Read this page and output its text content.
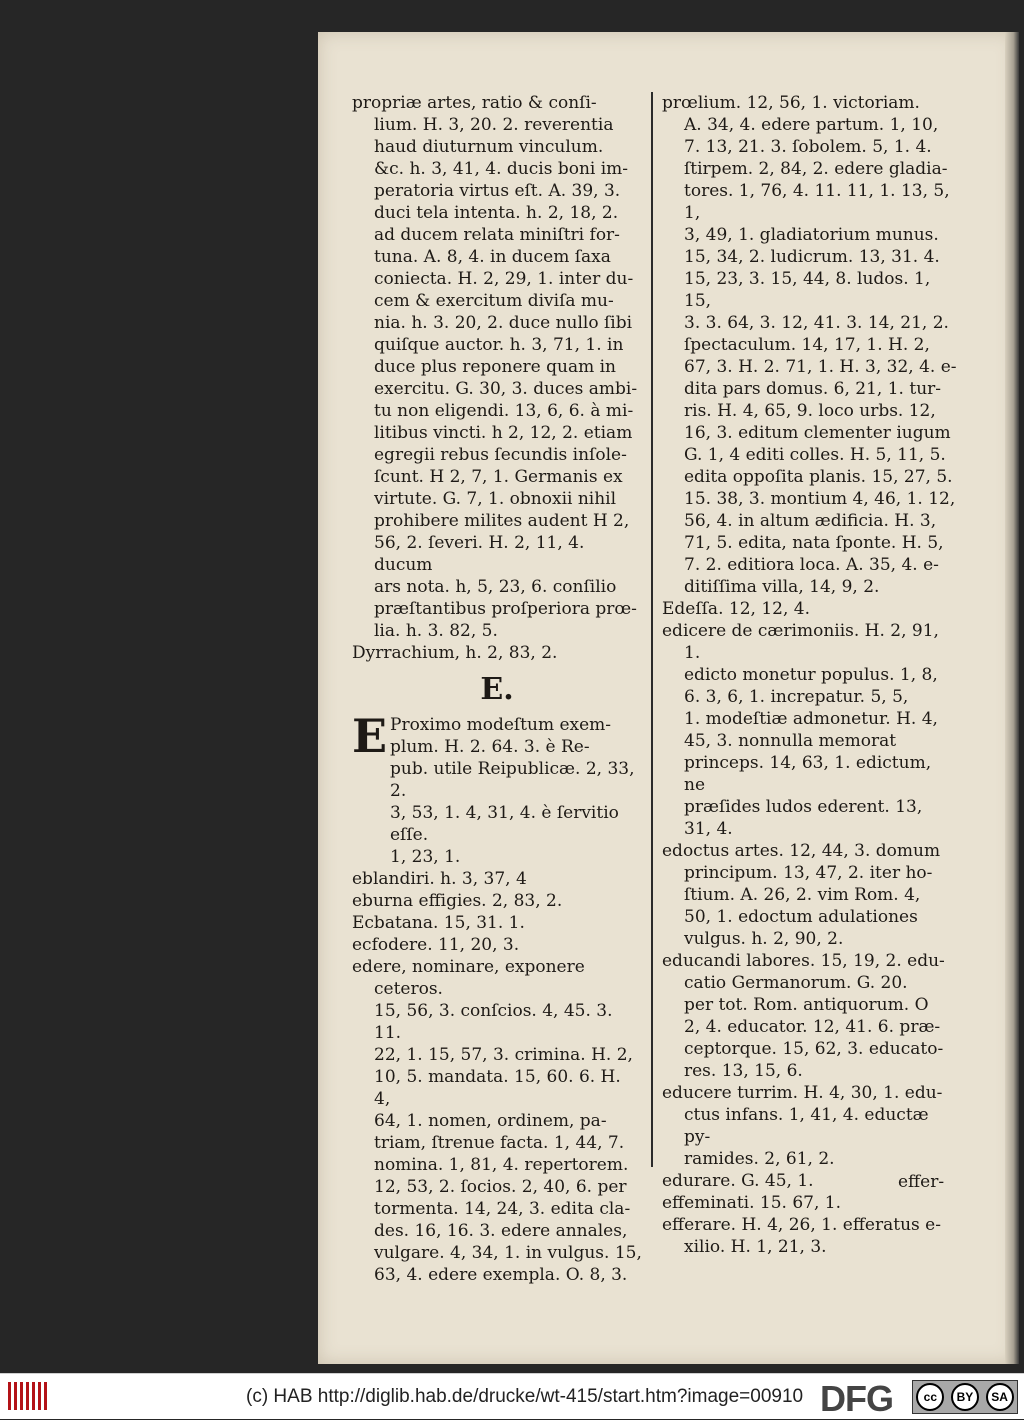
propriæ artes, ratio & conſi-
lium. H. 3, 20. 2. reverentia
haud diuturnum vinculum.
&c. h. 3, 41, 4. ducis boni im-
peratoria virtus eſt. A. 39, 3.
duci tela intenta. h. 2, 18, 2.
ad ducem relata miniſtri for-
tuna. A. 8, 4. in ducem ſaxa
coniecta. H. 2, 29, 1. inter du-
cem & exercitum diviſa mu-
nia. h. 3. 20, 2. duce nullo ſibi
quiſque auctor. h. 3, 71, 1. in
duce plus reponere quam in
exercitu. G. 30, 3. duces ambi-
tu non eligendi. 13, 6, 6. à mi-
litibus vincti. h 2, 12, 2. etiam
egregii rebus ſecundis inſole-
ſcunt. H 2, 7, 1. Germanis ex
virtute. G. 7, 1. obnoxii nihil
prohibere milites audent H 2,
56, 2. ſeveri. H. 2, 11, 4. ducum
ars nota. h, 5, 23, 6. conſilio
præſtantibus proſperiora prœ-
lia. h. 3. 82, 5.

Dyrrachium, h. 2, 83, 2.

E.
E Proximo modeſtum exem-
plum. H. 2. 64. 3. è Re-
pub. utile Reipublicæ. 2, 33, 2.
3, 53, 1. 4, 31, 4. è ſervitio eſſe.
1, 23, 1.

eblandiri. h. 3, 37, 4

eburna effigies. 2, 83, 2.

Ecbatana. 15, 31. 1.

ecfodere. 11, 20, 3.

edere, nominare, exponere ceteros.
15, 56, 3. conſcios. 4, 45. 3. 11.
22, 1. 15, 57, 3. crimina. H. 2,
10, 5. mandata. 15, 60. 6. H. 4,
64, 1. nomen, ordinem, pa-
triam, ſtrenue facta. 1, 44, 7.
nomina. 1, 81, 4. repertorem.
12, 53, 2. ſocios. 2, 40, 6. per
tormenta. 14, 24, 3. edita cla-
des. 16, 16. 3. edere annales,
vulgare. 4, 34, 1. in vulgus. 15,
63, 4. edere exempla. O. 8, 3.

prœlium. 12, 56, 1. victoriam.
A. 34, 4. edere partum. 1, 10,
7. 13, 21. 3. ſobolem. 5, 1. 4.
ſtirpem. 2, 84, 2. edere gladia-
tores. 1, 76, 4. 11. 11, 1. 13, 5, 1,
3, 49, 1. gladiatorium munus.
15, 34, 2. ludicrum. 13, 31. 4.
15, 23, 3. 15, 44, 8. ludos. 1, 15,
3. 3. 64, 3. 12, 41. 3. 14, 21, 2.
ſpectaculum. 14, 17, 1. H. 2,
67, 3. H. 2. 71, 1. H. 3, 32, 4. e-
dita pars domus. 6, 21, 1. tur-
ris. H. 4, 65, 9. loco urbs. 12,
16, 3. editum clementer iugum
G. 1, 4 editi colles. H. 5, 11, 5.
edita oppoſita planis. 15, 27, 5.
15. 38, 3. montium 4, 46, 1. 12,
56, 4. in altum ædificia. H. 3,
71, 5. edita, nata ſponte. H. 5,
7. 2. editiora loca. A. 35, 4. e-
ditiſſima villa, 14, 9, 2.

Edeſſa. 12, 12, 4.

edicere de cærimoniis. H. 2, 91, 1.
edicto monetur populus. 1, 8,
6. 3, 6, 1. increpatur. 5, 5,
1. modeſtiæ admonetur. H. 4,
45, 3. nonnulla memorat
princeps. 14, 63, 1. edictum, ne
præſides ludos ederent. 13,
31, 4.

edoctus artes. 12, 44, 3. domum
principum. 13, 47, 2. iter ho-
ſtium. A. 26, 2. vim Rom. 4,
50, 1. edoctum adulationes
vulgus. h. 2, 90, 2.

educandi labores. 15, 19, 2. edu-
catio Germanorum. G. 20.
per tot. Rom. antiquorum. O
2, 4. educator. 12, 41. 6. præ-
ceptorque. 15, 62, 3. educato-
res. 13, 15, 6.

educere turrim. H. 4, 30, 1. edu-
ctus infans. 1, 41, 4. eductæ py-
ramides. 2, 61, 2.

edurare. G. 45, 1.

effeminati. 15. 67, 1.

efferare. H. 4, 26, 1. efferatus e-
xilio. H. 1, 21, 3.

effer-
(c) HAB http://diglib.hab.de/drucke/wt-415/start.htm?image=00910 DFG	cc	BY	SA
